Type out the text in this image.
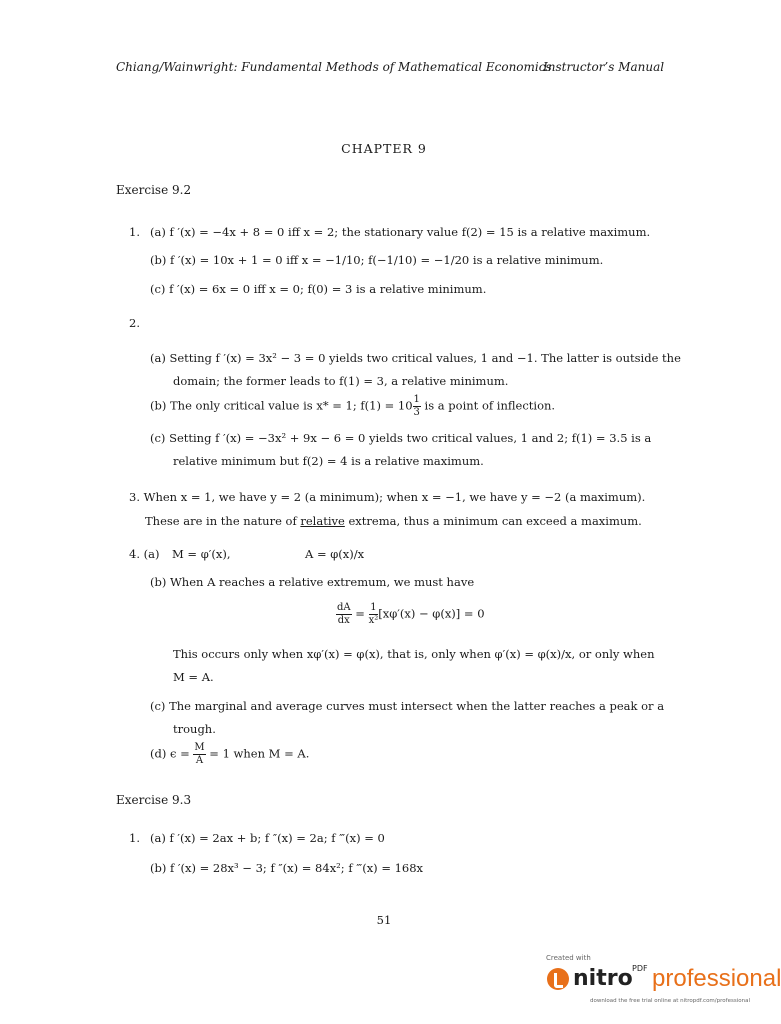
Chiang/Wainwright: Fundamental Methods of Mathematical Economics
Instructor’s Manual
CHAPTER 9
Exercise 9.2
1. (a) f ′(x) = −4x + 8 = 0 iff x = 2; the stationary value f(2) = 15 is a relative maximum.
(b) f ′(x) = 10x + 1 = 0 iff x = −1/10; f(−1/10) = −1/20 is a relative minimum.
(c) f ′(x) = 6x = 0 iff x = 0; f(0) = 3 is a relative minimum.
2.
(a) Setting f ′(x) = 3x² − 3 = 0 yields two critical values, 1 and −1. The latter is outside the
domain; the former leads to f(1) = 3, a relative minimum.
(b) The only critical value is x* = 1; $f(1) = 10 \frac{1}{3}$ is a point of inflection.
(c) Setting f ′(x) = −3x² + 9x − 6 = 0 yields two critical values, 1 and 2; f(1) = 3.5 is a
relative minimum but f(2) = 4 is a relative maximum.
3. When x = 1, we have y = 2 (a minimum); when x = −1, we have y = −2 (a maximum).
These are in the nature of relative extrema, thus a minimum can exceed a maximum.
4. (a) M = φ′(x),	A = φ(x)/x
(b) When A reaches a relative extremum, we must have
$\frac{dA}{dx} = \frac{1}{\text{x²}} [x\varphi'(x) - \varphi(x)] = 0$
This occurs only when xφ′(x) = φ(x), that is, only when φ′(x) = φ(x)/x, or only when
M = A.
(c) The marginal and average curves must intersect when the latter reaches a peak or a
trough.
(d) $\epsilon = \frac{M}{A} = 1$ when M = A.
Exercise 9.3
1. (a) f ′(x) = 2ax + b; f ″(x) = 2a; f ‴(x) = 0
(b) f ′(x) = 28x³ − 3; f ″(x) = 84x²; f ‴(x) = 168x
51
Created with
nitro PDF professional
download the free trial online at nitropdf.com/professional
